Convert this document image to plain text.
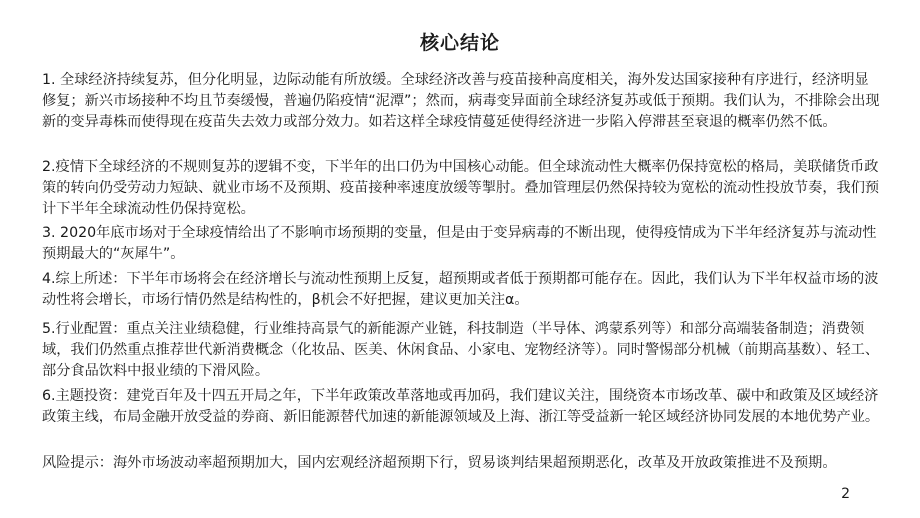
核心结论

1. 全球经济持续复苏，但分化明显，边际动能有所放缓。全球经济改善与疫苗接种高度相关，海外发达国家接种有序进行，经济明显修复；新兴市场接种不均且节奏缓慢，普遍仍陷疫情“泥潭”；然而，病毒变异面前全球经济复苏或低于预期。我们认为，不排除会出现新的变异毒株而使得现在疫苗失去效力或部分效力。如若这样全球疫情蔓延使得经济进一步陷入停滞甚至衰退的概率仍然不低。

2.疫情下全球经济的不规则复苏的逻辑不变，下半年的出口仍为中国核心动能。但全球流动性大概率仍保持宽松的格局，美联储货币政策的转向仍受劳动力短缺、就业市场不及预期、疫苗接种率速度放缓等掣肘。叠加管理层仍然保持较为宽松的流动性投放节奏，我们预计下半年全球流动性仍保持宽松。

3. 2020年底市场对于全球疫情给出了不影响市场预期的变量，但是由于变异病毒的不断出现，使得疫情成为下半年经济复苏与流动性预期最大的“灰犀牛”。

4.综上所述：下半年市场将会在经济增长与流动性预期上反复，超预期或者低于预期都可能存在。因此，我们认为下半年权益市场的波动性将会增长，市场行情仍然是结构性的，β机会不好把握，建议更加关注α。

5.行业配置：重点关注业绩稳健，行业维持高景气的新能源产业链，科技制造（半导体、鸿蒙系列等）和部分高端装备制造；消费领域，我们仍然重点推荐世代新消费概念（化妆品、医美、休闲食品、小家电、宠物经济等）。同时警惕部分机械（前期高基数）、轻工、部分食品饮料中报业绩的下滑风险。

6.主题投资：建党百年及十四五开局之年，下半年政策改革落地或再加码，我们建议关注，围绕资本市场改革、碳中和政策及区域经济政策主线，布局金融开放受益的券商、新旧能源替代加速的新能源领域及上海、浙江等受益新一轮区域经济协同发展的本地优势产业。

风险提示：海外市场波动率超预期加大，国内宏观经济超预期下行，贸易谈判结果超预期恶化，改革及开放政策推进不及预期。

2
